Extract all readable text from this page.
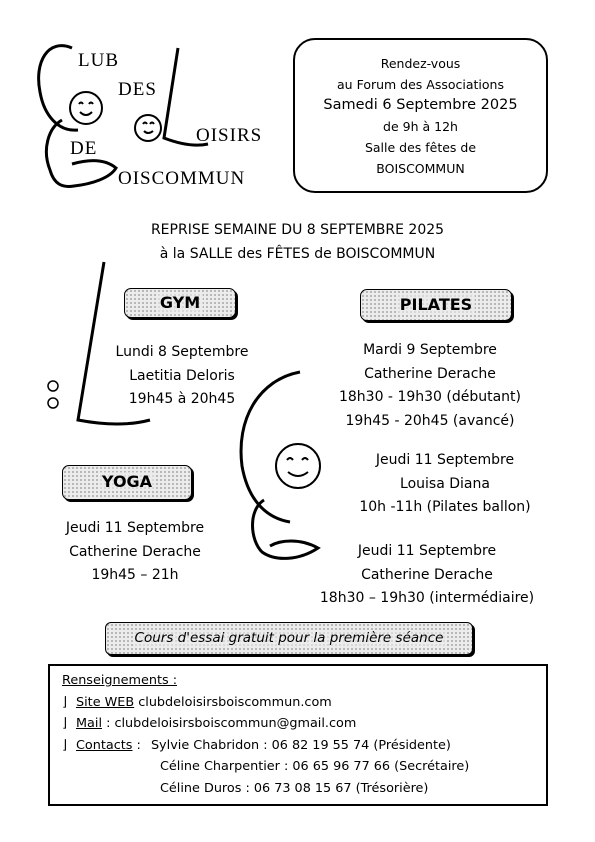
LUB
DES
OISIRS
DE
OISCOMMUN
Rendez-vous
au Forum des Associations
Samedi 6 Septembre 2025
de 9h à 12h
Salle des fêtes de
BOISCOMMUN
REPRISE SEMAINE DU 8 SEPTEMBRE 2025
à la SALLE des FÊTES de BOISCOMMUN
GYM
Lundi 8 Septembre
Laetitia Deloris
19h45 à 20h45
PILATES
Mardi 9 Septembre
Catherine Derache
18h30 - 19h30 (débutant)
19h45 - 20h45 (avancé)
Jeudi 11 Septembre
Louisa Diana
10h -11h (Pilates ballon)
YOGA
Jeudi 11 Septembre
Catherine Derache
19h45 – 21h
Jeudi 11 Septembre
Catherine Derache
18h30 – 19h30 (intermédiaire)
Cours d'essai gratuit pour la première séance
Renseignements :
⌋ Site WEB clubdeloisirsboiscommun.com
⌋ Mail : clubdeloisirsboiscommun@gmail.com
⌋ Contacts : Sylvie Chabridon : 06 82 19 55 74 (Présidente)
Céline Charpentier : 06 65 96 77 66 (Secrétaire)
Céline Duros : 06 73 08 15 67 (Trésorière)
